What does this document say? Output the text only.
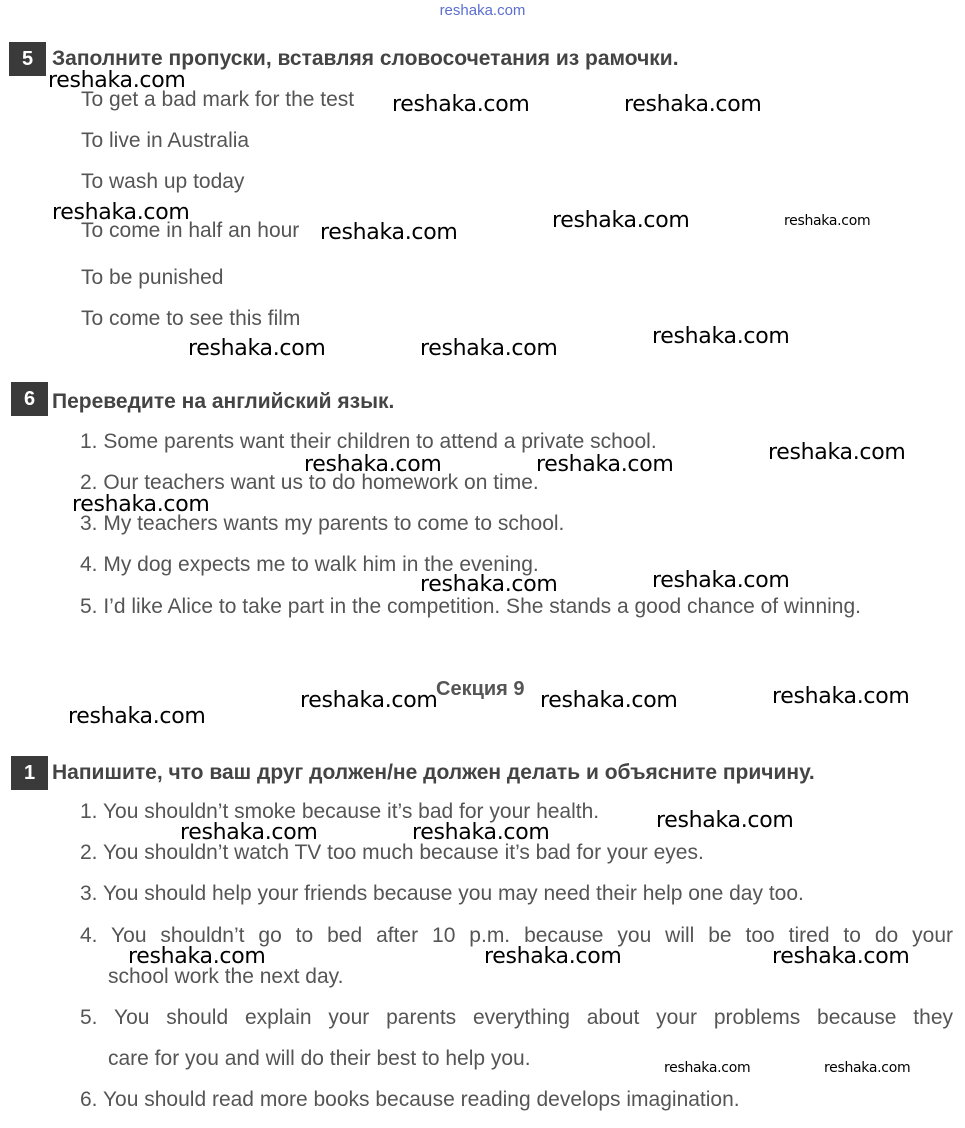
reshaka.com
5 Заполните пропуски, вставляя словосочетания из рамочки.
To get a bad mark for the test
To live in Australia
To wash up today
To come in half an hour
To be punished
To come to see this film
6 Переведите на английский язык.
1. Some parents want their children to attend a private school.
2. Our teachers want us to do homework on time.
3. My teachers wants my parents to come to school.
4. My dog expects me to walk him in the evening.
5. I’d like Alice to take part in the competition. She stands a good chance of winning.
Секция 9
1 Напишите, что ваш друг должен/не должен делать и объясните причину.
1. You shouldn’t smoke because it’s bad for your health.
2. You shouldn’t watch TV too much because it’s bad for your eyes.
3. You should help your friends because you may need their help one day too.
4. You shouldn’t go to bed after 10 p.m. because you will be too tired to do your
school work the next day.
5. You should explain your parents everything about your problems because they
care for you and will do their best to help you.
6. You should read more books because reading develops imagination.
reshaka.com
reshaka.com	reshaka.com
reshaka.com
reshaka.com	reshaka.com	reshaka.com
reshaka.com	reshaka.com	reshaka.com
reshaka.com
reshaka.com	reshaka.com
reshaka.com
reshaka.com	reshaka.com
reshaka.com	reshaka.com	reshaka.com
reshaka.com
reshaka.com	reshaka.com	reshaka.com
reshaka.com	reshaka.com	reshaka.com
reshaka.com	reshaka.com
